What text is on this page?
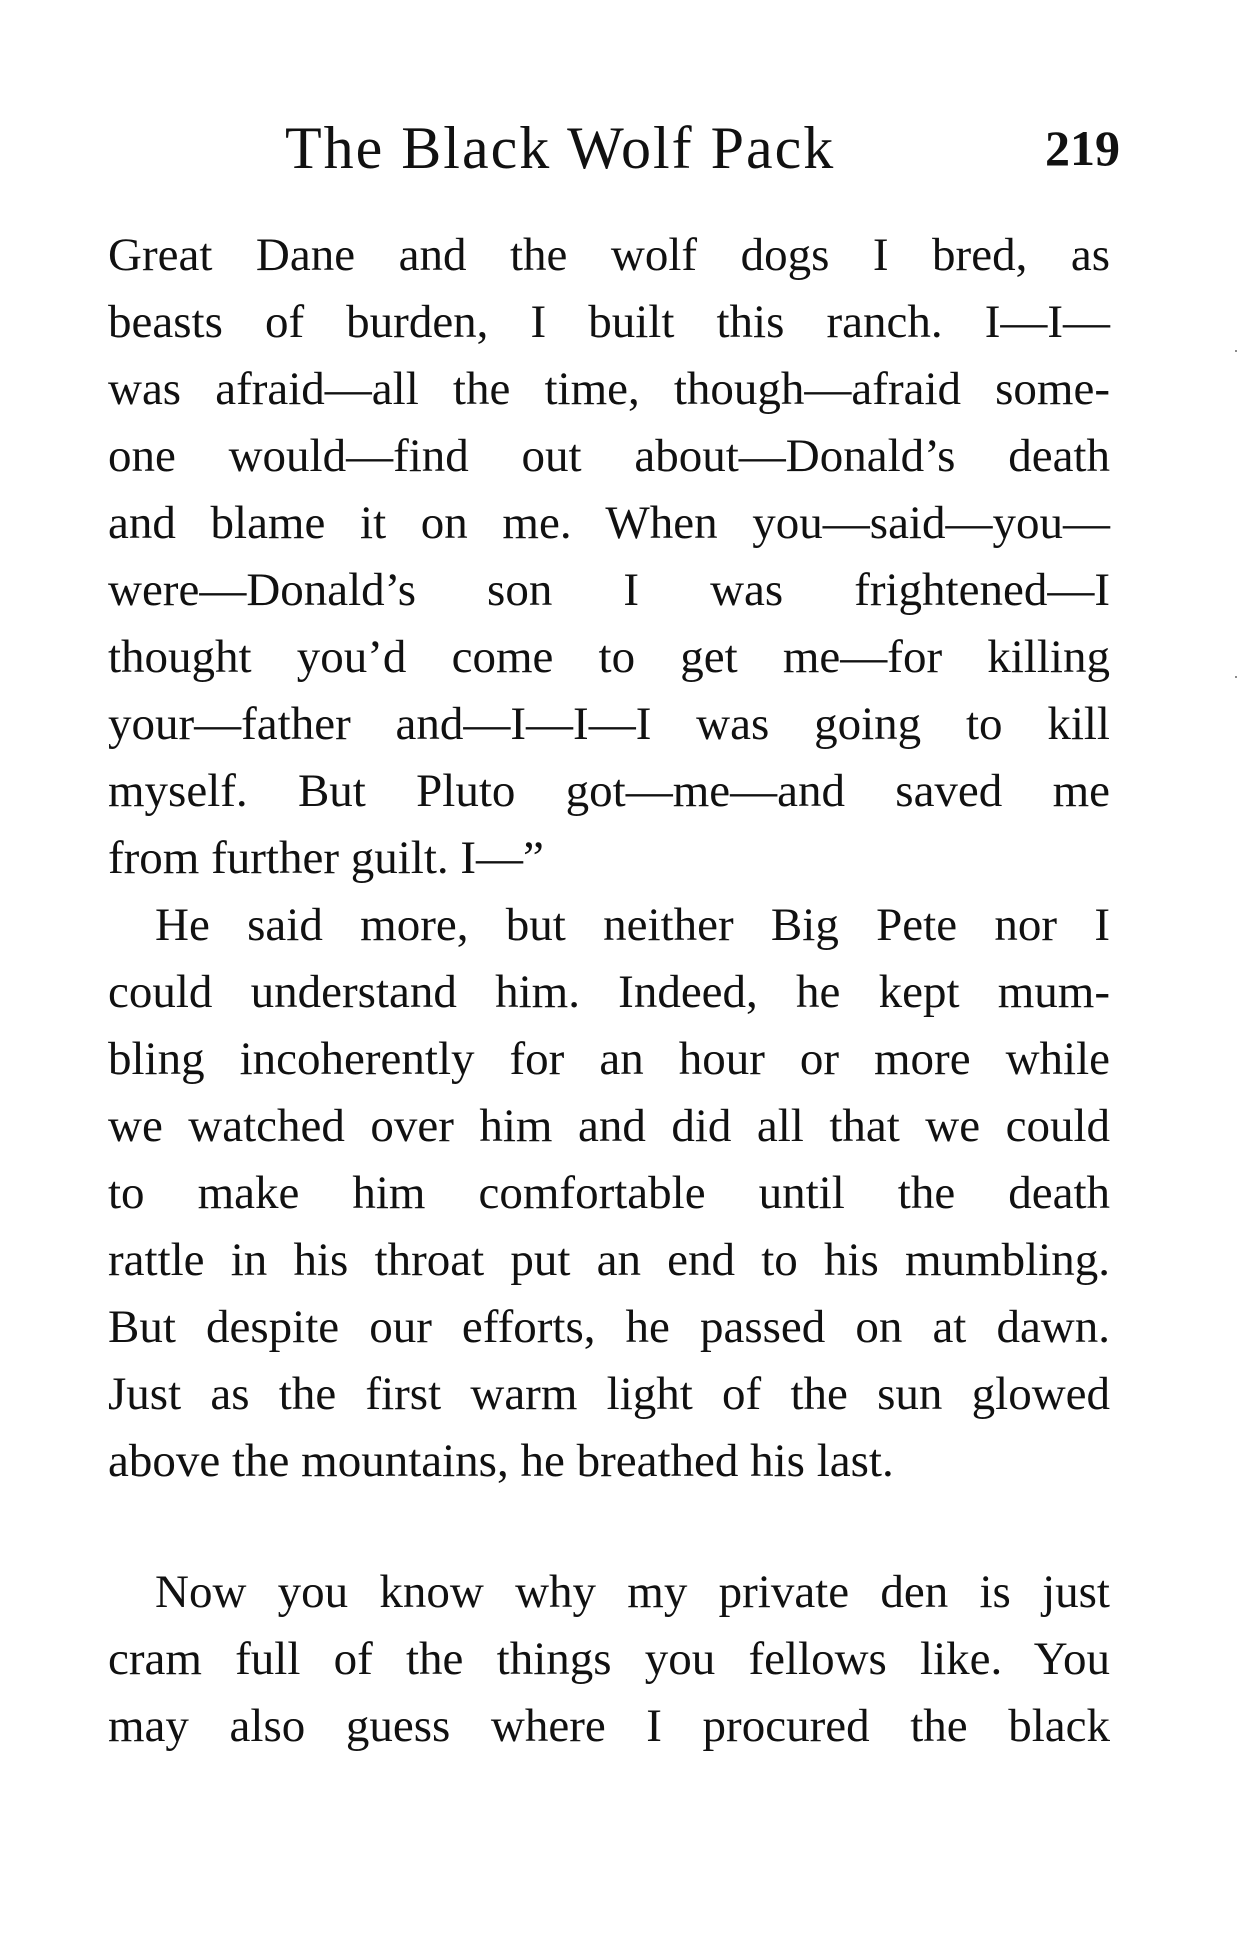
The Black Wolf Pack	219
Great Dane and the wolf dogs I bred, as
beasts of burden, I built this ranch. I—I—
was afraid—all the time, though—afraid some-
one would—find out about—Donald’s death
and blame it on me. When you—said—you—
were—Donald’s son I was frightened—I
thought you’d come to get me—for killing
your—father and—I—I—I was going to kill
myself. But Pluto got—me—and saved me
from further guilt. I—”
He said more, but neither Big Pete nor I
could understand him. Indeed, he kept mum-
bling incoherently for an hour or more while
we watched over him and did all that we could
to make him comfortable until the death
rattle in his throat put an end to his mumbling.
But despite our efforts, he passed on at dawn.
Just as the first warm light of the sun glowed
above the mountains, he breathed his last.
Now you know why my private den is just
cram full of the things you fellows like. You
may also guess where I procured the black
